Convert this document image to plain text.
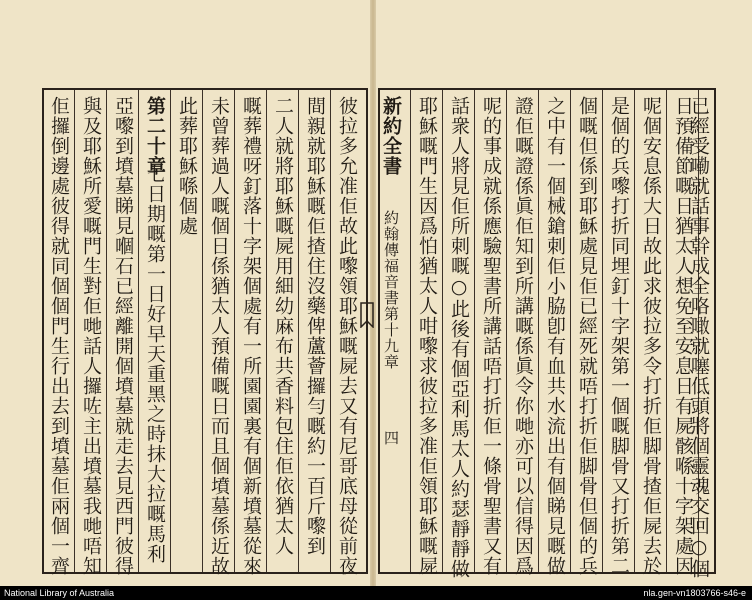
佢攞倒邊處彼得就同個個門生行出去到墳墓佢兩個一齊 與及耶穌所愛嘅門生對佢哋話人攞咗主出墳墓我哋唔知 亞嚟到墳墓睇見嗰石已經離開個墳墓就走去見西門彼得 七日期嘅第一日好早天重黑之時抹大拉嘅馬利
第二十章 此葬耶穌喺個處 未曾葬過人嘅個日係猶太人預備嘅日而且個墳墓係近故 嘅葬禮呀釘落十字架個處有一所園園裏有個新墳墓從來 二人就將耶穌嘅屍用細幼麻布共香料包住佢依猶太人 間親就耶穌嘅佢揸住沒藥俾蘆薈攞勻嘅約一百斤嚟到 彼拉多允准佢故此嚟領耶穌嘅屍去又有尼哥底母從前夜 新約全書
約翰傳福音書第十九章
四 耶穌嘅門生因爲怕猶太人咁嚟求彼拉多准佢領耶穌嘅屍 話衆人將見佢所刺嘅○此後有個亞利馬太人約瑟靜靜做 呢的事成就係應驗聖書所講話唔打折佢一條骨聖書又有 證佢嘅證係眞佢知到所講嘅係眞令你哋亦可以信得因爲 之中有一個械鎗刺佢小脇卽有血共水流出有個睇見嘅做 個嘅但係到耶穌處見佢已經死就唔打折佢脚骨但個的兵 是個的兵嚟打折同埋釘十字架第一個嘅脚骨又打折第二 呢個安息係大日故此求彼拉多令打折佢脚骨揸佢屍去於 日預備節嘅日猶太人想免至安息日有屍骸喺十字架處因
已經受嘞就話事幹成全咯噉就噻低頭將個靈魂交回○個
National Library of Australia	nla.gen-vn1803766-s46-e
